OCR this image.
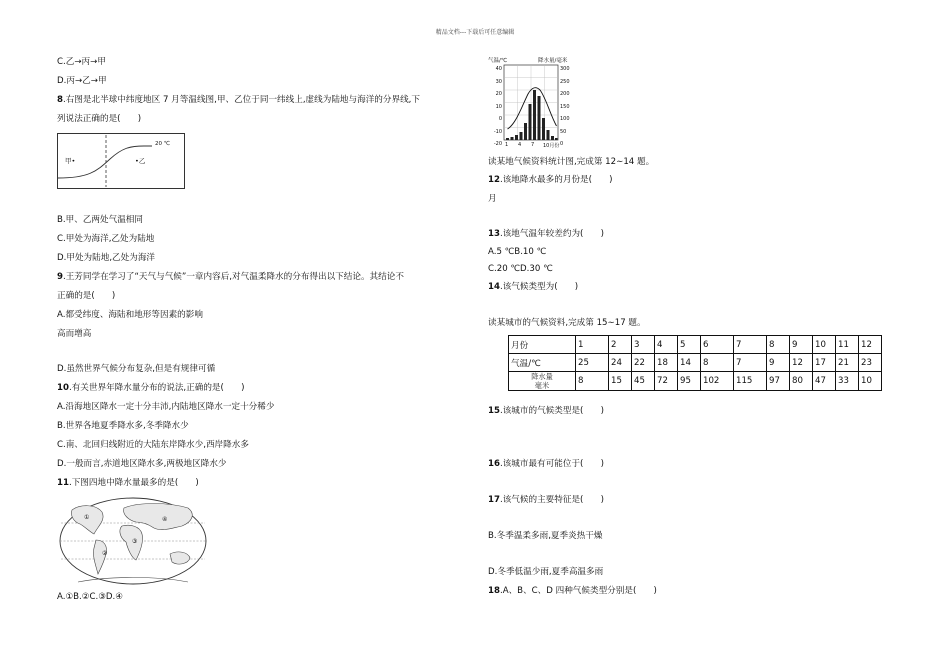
精品文档---下载后可任意编辑
C.乙→丙→甲
D.丙→乙→甲
8.右图是北半球中纬度地区 7 月等温线图,甲、乙位于同一纬线上,虚线为陆地与海洋的分界线,下
列说法正确的是(　　)
甲•	•乙
20 ℃
B.甲、乙两处气温相同
C.甲处为海洋,乙处为陆地
D.甲处为陆地,乙处为海洋
9.王芳同学在学习了“天气与气候”一章内容后,对气温柔降水的分布得出以下结论。其结论不
正确的是(　　)
A.都受纬度、海陆和地形等因素的影响
高而增高
D.虽然世界气候分布复杂,但是有规律可循
10.有关世界年降水量分布的说法,正确的是(　　)
A.沿海地区降水一定十分丰沛,内陆地区降水一定十分稀少
B.世界各地夏季降水多,冬季降水少
C.南、北回归线附近的大陆东岸降水少,西岸降水多
D.一般而言,赤道地区降水多,两极地区降水少
11.下图四地中降水量最多的是(　　)
①
②
③
④
A.①B.②C.③D.④
气温/℃	降水量/毫米
40
30
20
10
0
-10
-20
300
250
200
150
100
50
0
1 4 7 10月份
读某地气候资料统计图,完成第 12∼14 题。
12.该地降水最多的月份是(　　)
月
13.该地气温年较差约为(　　)
A.5 ℃B.10 ℃
C.20 ℃D.30 ℃
14.该气候类型为(　　)
读某城市的气候资料,完成第 15∼17 题。
月份	1	2	3	4	5	6	7	8	9	10	11	12
气温/℃	25	24	22	18	14	8	7	9	12	17	21	23

降水量
毫米	8	15	45	72	95	102	115	97	80	47	33	10
15.该城市的气候类型是(　　)
16.该城市最有可能位于(　　)
17.该气候的主要特征是(　　)
B.冬季温柔多雨,夏季炎热干燥
D.冬季低温少雨,夏季高温多雨
18.A、B、C、D 四种气候类型分别是(　　)
